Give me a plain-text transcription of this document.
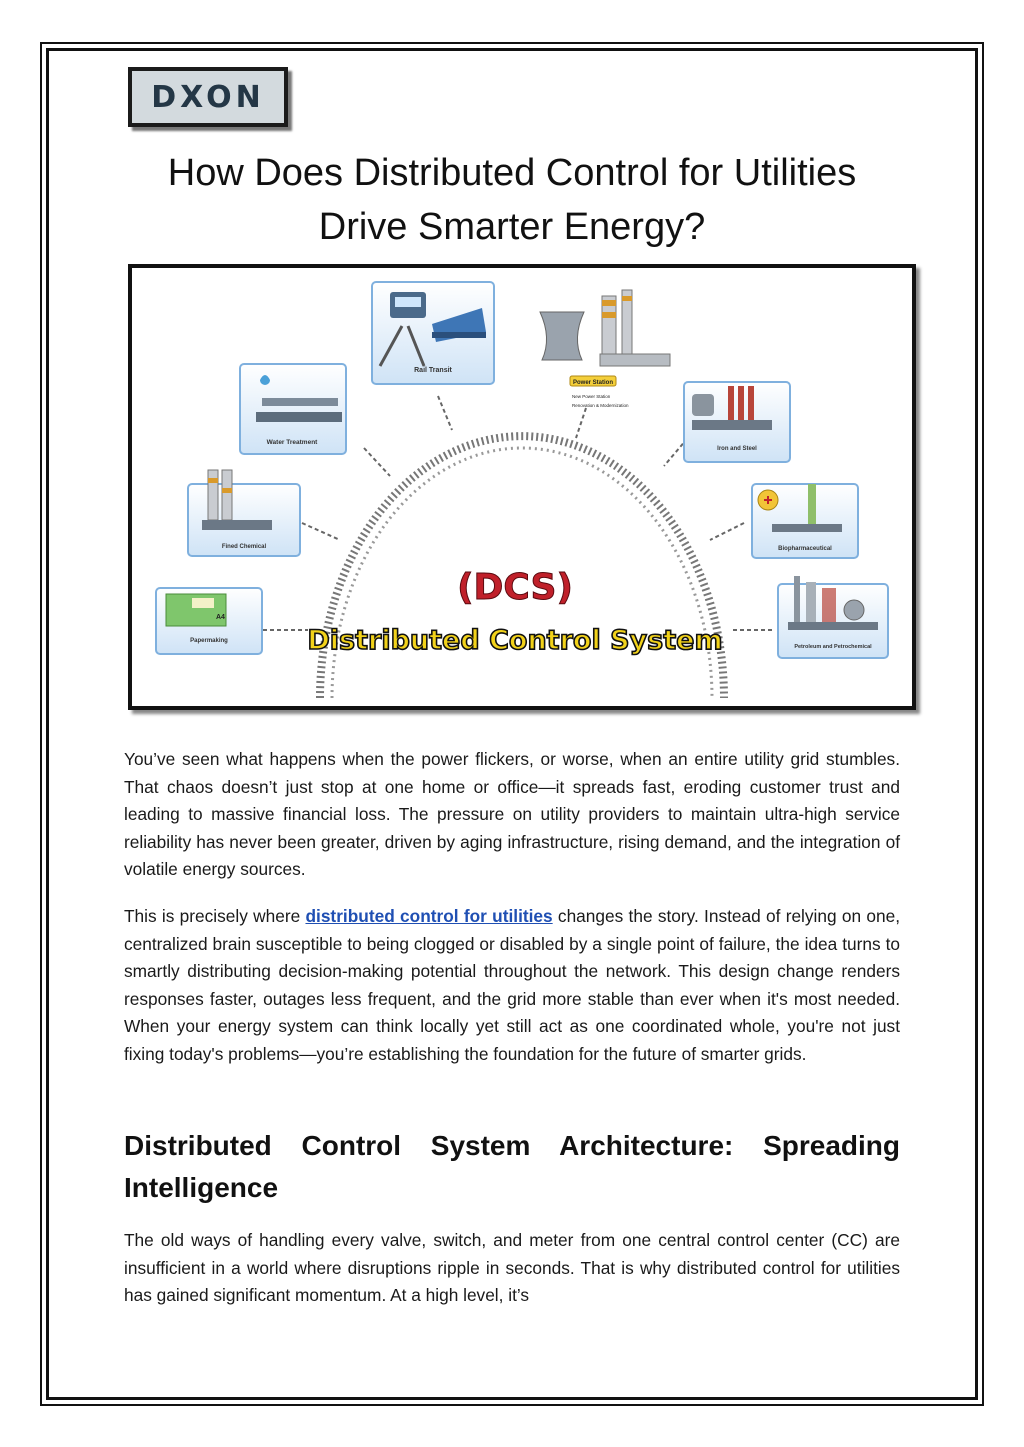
DXON
How Does Distributed Control for Utilities
Drive Smarter Energy?
Rail Transit
Power Station
New Power Station
Renovation & Modernization
Water Treatment
Iron and Steel
Fined Chemical	Biopharmaceutical
A4
Papermaking
Petroleum and Petrochemical
(DCS)
Distributed Control System
You’ve seen what happens when the power flickers, or worse, when an entire utility grid stumbles. That chaos doesn’t just stop at one home or office—it spreads fast, eroding customer trust and leading to massive financial loss. The pressure on utility providers to maintain ultra-high service reliability has never been greater, driven by aging infrastructure, rising demand, and the integration of volatile energy sources.
This is precisely where distributed control for utilities changes the story. Instead of relying on one, centralized brain susceptible to being clogged or disabled by a single point of failure, the idea turns to smartly distributing decision-making potential throughout the network. This design change renders responses faster, outages less frequent, and the grid more stable than ever when it's most needed. When your energy system can think locally yet still act as one coordinated whole, you're not just fixing today's problems—you’re establishing the foundation for the future of smarter grids.
Distributed Control System Architecture: Spreading
Intelligence
The old ways of handling every valve, switch, and meter from one central control center (CC) are insufficient in a world where disruptions ripple in seconds. That is why distributed control for utilities has gained significant momentum. At a high level, it’s
